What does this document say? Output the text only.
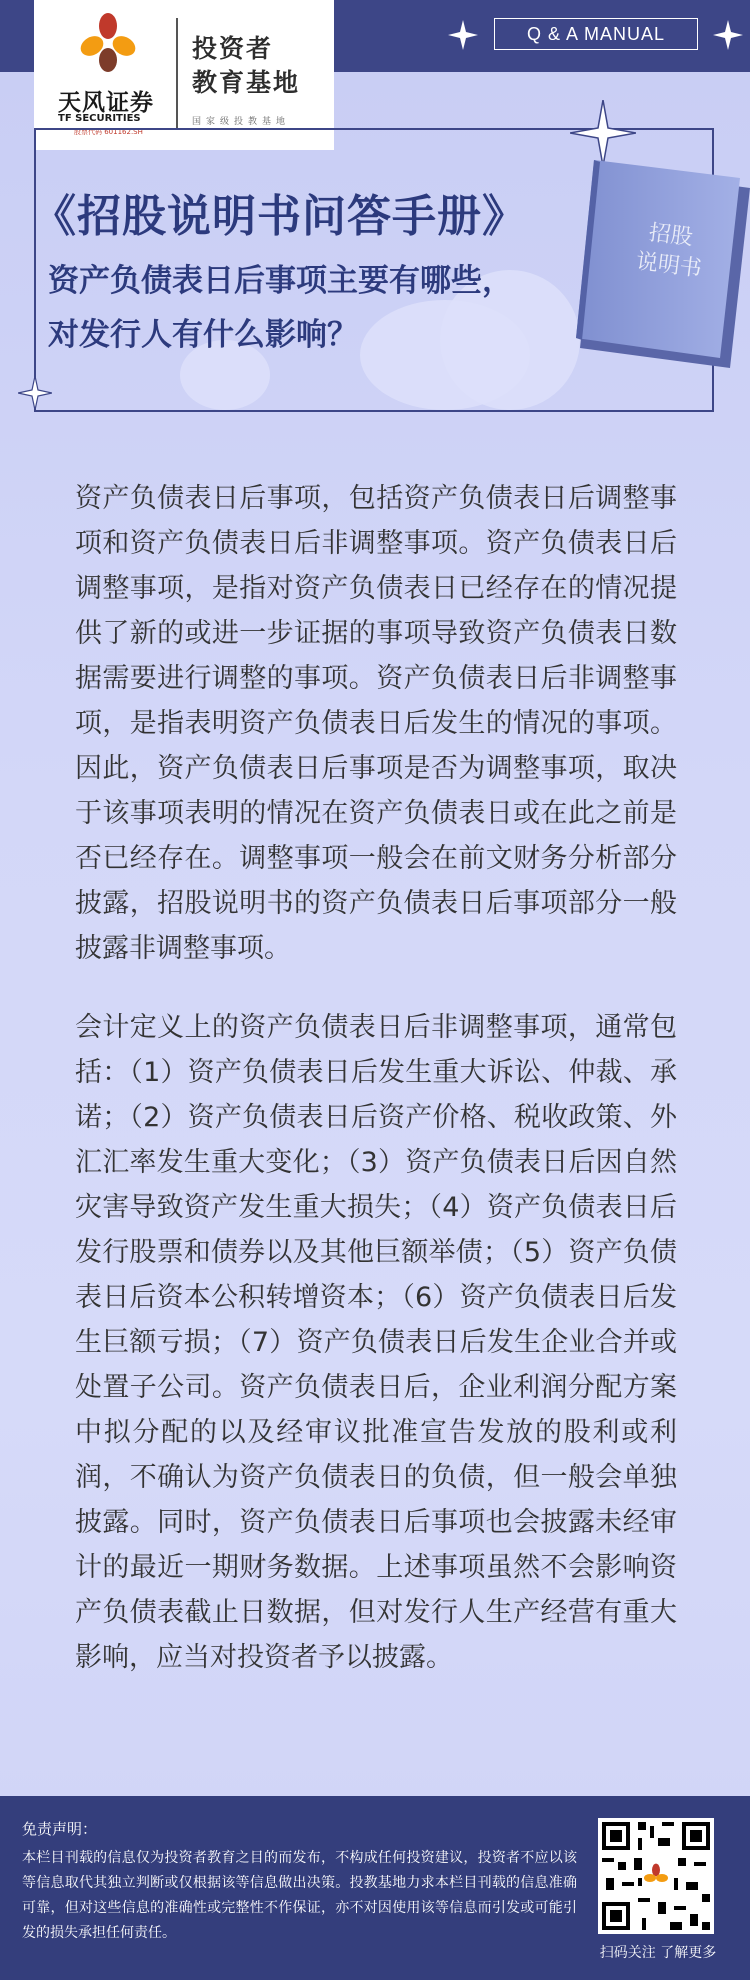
天风证券
TF SECURITIES
股票代码 601162.SH
投资者
教育基地
国家级投教基地
Q & A MANUAL
《招股说明书问答手册》
资产负债表日后事项主要有哪些，
对发行人有什么影响？
招股
说明书

资产负债表日后事项，包括资产负债表日后调整事项和资产负债表日后非调整事项。资产负债表日后调整事项，是指对资产负债表日已经存在的情况提供了新的或进一步证据的事项导致资产负债表日数据需要进行调整的事项。资产负债表日后非调整事项，是指表明资产负债表日后发生的情况的事项。因此，资产负债表日后事项是否为调整事项，取决于该事项表明的情况在资产负债表日或在此之前是否已经存在。调整事项一般会在前文财务分析部分披露，招股说明书的资产负债表日后事项部分一般披露非调整事项。

会计定义上的资产负债表日后非调整事项，通常包括：（1）资产负债表日后发生重大诉讼、仲裁、承诺；（2）资产负债表日后资产价格、税收政策、外汇汇率发生重大变化；（3）资产负债表日后因自然灾害导致资产发生重大损失；（4）资产负债表日后发行股票和债券以及其他巨额举债；（5）资产负债表日后资本公积转增资本；（6）资产负债表日后发生巨额亏损；（7）资产负债表日后发生企业合并或处置子公司。资产负债表日后，企业利润分配方案中拟分配的以及经审议批准宣告发放的股利或利润，不确认为资产负债表日的负债，但一般会单独披露。同时，资产负债表日后事项也会披露未经审计的最近一期财务数据。上述事项虽然不会影响资产负债表截止日数据，但对发行人生产经营有重大影响，应当对投资者予以披露。

免责声明：
本栏目刊载的信息仅为投资者教育之目的而发布，不构成任何投资建议，投资者不应以该等信息取代其独立判断或仅根据该等信息做出决策。投教基地力求本栏目刊载的信息准确可靠，但对这些信息的准确性或完整性不作保证，亦不对因使用该等信息而引发或可能引发的损失承担任何责任。
扫码关注 了解更多
